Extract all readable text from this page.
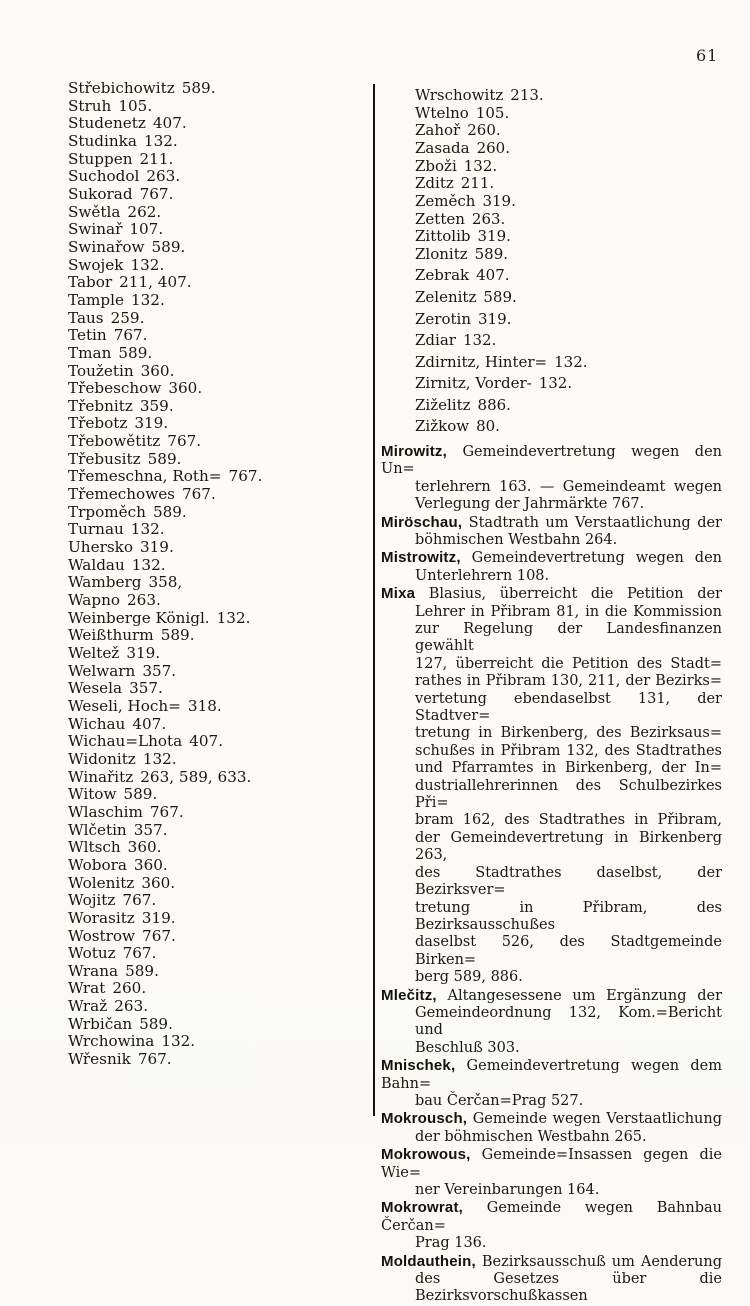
61
Střebichowitz 589.
Struh 105.
Studenetz 407.
Studinka 132.
Stuppen 211.
Suchodol 263.
Sukorad 767.
Swětla 262.
Swinař 107.
Swinařow 589.
Swojek 132.
Tabor 211, 407.
Tample 132.
Taus 259.
Tetin 767.
Tman 589.
Toužetin 360.
Třebeschow 360.
Třebnitz 359.
Třebotz 319.
Třebowětitz 767.
Třebusitz 589.
Třemeschna, Roth= 767.
Třemechowes 767.
Trpoměch 589.
Turnau 132.
Uhersko 319.
Waldau 132.
Wamberg 358,
Wapno 263.
Weinberge Königl. 132.
Weißthurm 589.
Weltež 319.
Welwarn 357.
Wesela 357.
Weseli, Hoch= 318.
Wichau 407.
Wichau=Lhota 407.
Widonitz 132.
Winařitz 263, 589, 633.
Witow 589.
Wlaschim 767.
Wlčetin 357.
Wltsch 360.
Wobora 360.
Wolenitz 360.
Wojitz 767.
Worasitz 319.
Wostrow 767.
Wotuz 767.
Wrana 589.
Wrat 260.
Wraž 263.
Wrbičan 589.
Wrchowina 132.
Wřesnik 767.
Wrschowitz 213.
Wtelno 105.
Zahoř 260.
Zasada 260.
Zboži 132.
Zditz 211.
Zeměch 319.
Zetten 263.
Zittolib 319.
Zlonitz 589.
Zebrak 407.
Zelenitz 589.
Zerotin 319.
Zdiar 132.
Zdirnitz, Hinter= 132.
Zirnitz, Vorder- 132.
Ziželitz 886.
Zižkow 80.
Mirowitz, Gemeindevertretung wegen den Un=
terlehrern 163. — Gemeindeamt wegen
Verlegung der Jahrmärkte 767.
Miröschau, Stadtrath um Verstaatlichung der
böhmischen Westbahn 264.
Mistrowitz, Gemeindevertretung wegen den
Unterlehrern 108.
Mixa Blasius, überreicht die Petition der
Lehrer in Přibram 81, in die Kommission
zur Regelung der Landesfinanzen gewählt
127, überreicht die Petition des Stadt=
rathes in Přibram 130, 211, der Bezirks=
vertetung ebendaselbst 131, der Stadtver=
tretung in Birkenberg, des Bezirksaus=
schußes in Přibram 132, des Stadtrathes
und Pfarramtes in Birkenberg, der In=
dustriallehrerinnen des Schulbezirkes Při=
bram 162, des Stadtrathes in Přibram,
der Gemeindevertretung in Birkenberg 263,
des Stadtrathes daselbst, der Bezirksver=
tretung in Přibram, des Bezirksausschußes
daselbst 526, des Stadtgemeinde Birken=
berg 589, 886.
Mlečitz, Altangesessene um Ergänzung der
Gemeindeordnung 132, Kom.=Bericht und
Beschluß 303.
Mnischek, Gemeindevertretung wegen dem Bahn=
bau Čerčan=Prag 527.
Mokrousch, Gemeinde wegen Verstaatlichung
der böhmischen Westbahn 265.
Mokrowous, Gemeinde=Insassen gegen die Wie=
ner Vereinbarungen 164.
Mokrowrat, Gemeinde wegen Bahnbau Čerčan=
Prag 136.
Moldauthein, Bezirksausschuß um Aenderung
des Gesetzes über die Bezirksvorschußkassen
